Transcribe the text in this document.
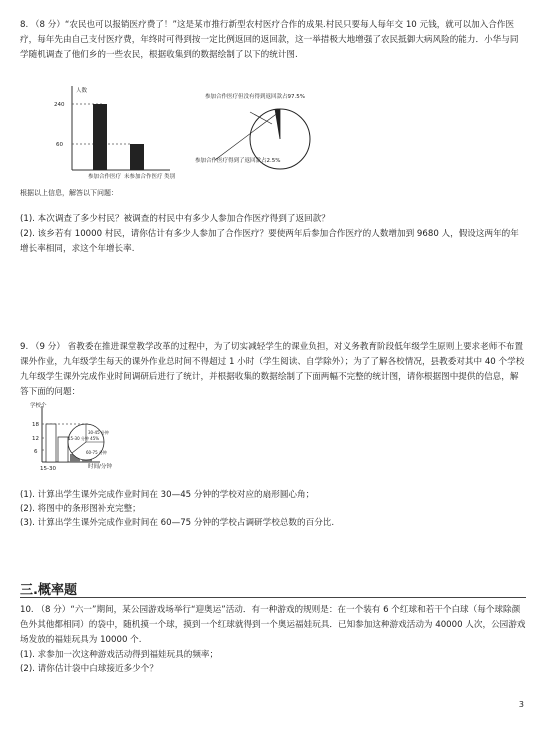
8. （8 分）“农民也可以报销医疗费了！”这是某市推行新型农村医疗合作的成果.村民只要每人每年交 10 元钱，就可以加入合作医疗，每年先由自己支付医疗费，年终时可得到按一定比例返回的返回款，这一举措极大地增强了农民抵御大病风险的能力．小华与同学随机调查了他们乡的一些农民，根据收集到的数据绘制了以下的统计图.
人数
240
60
参加合作医疗 未参加合作医疗 类别
参加合作医疗但没有得到返回款占97.5%
参加合作医疗得到了返回款占2.5%
根据以上信息，解答以下问题：
(1). 本次调查了多少村民？被调查的村民中有多少人参加合作医疗得到了返回款？
(2). 该乡若有 10000 村民，请你估计有多少人参加了合作医疗？要使两年后参加合作医疗的人数增加到 9680 人，假设这两年的年增长率相同，求这个年增长率.
9. （9 分） 省教委在推进课堂教学改革的过程中，为了切实减轻学生的课业负担，对义务教育阶段低年级学生原则上要求老师不布置课外作业，九年级学生每天的课外作业总时间不得超过 1 小时（学生阅读、自学除外）；为了了解各校情况，县教委对其中 40 个学校九年级学生课外完成作业时间调研后进行了统计，并根据收集的数据绘制了下面两幅不完整的统计图，请你根据图中提供的信息，解答下面的问题：
学校个
18
12
6
15-30	时间/分钟
30-45 分钟
15-30 分钟 45%
60-75 分钟
(1). 计算出学生课外完成作业时间在 30—45 分钟的学校对应的扇形圆心角；
(2). 将图中的条形图补充完整；
(3). 计算出学生课外完成作业时间在 60—75 分钟的学校占调研学校总数的百分比.
三.概率题
10. （8 分）“六一”期间，某公园游戏场举行“迎奥运”活动．有一种游戏的规则是：在一个装有 6 个红球和若干个白球（每个球除颜色外其他都相同）的袋中，随机摸一个球，摸到一个红球就得到一个奥运福娃玩具．已知参加这种游戏活动为 40000 人次，公园游戏场发放的福娃玩具为 10000 个.
(1). 求参加一次这种游戏活动得到福娃玩具的频率；
(2). 请你估计袋中白球接近多少个？
3
